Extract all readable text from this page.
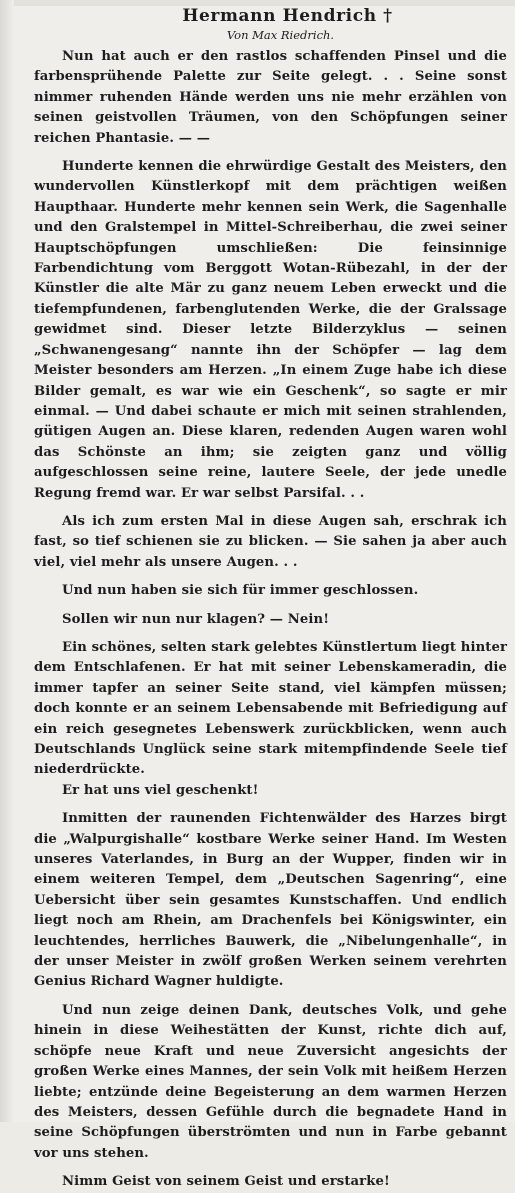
Hermann Hendrich †

Von Max Riedrich.

Nun hat auch er den rastlos schaffenden Pinsel und die farbensprühende Palette zur Seite gelegt. . . Seine sonst nimmer ruhenden Hände werden uns nie mehr erzählen von seinen geistvollen Träumen, von den Schöpfungen seiner reichen Phantasie. — —

Hunderte kennen die ehrwürdige Gestalt des Meisters, den wundervollen Künstlerkopf mit dem prächtigen weißen Haupthaar. Hunderte mehr kennen sein Werk, die Sagenhalle und den Gralstempel in Mittel-Schreiberhau, die zwei seiner Hauptschöpfungen umschließen: Die feinsinnige Farbendichtung vom Berggott Wotan-Rübezahl, in der der Künstler die alte Mär zu ganz neuem Leben erweckt und die tiefempfundenen, farbenglutenden Werke, die der Gralssage gewidmet sind. Dieser letzte Bilderzyklus — seinen „Schwanengesang“ nannte ihn der Schöpfer — lag dem Meister besonders am Herzen. „In einem Zuge habe ich diese Bilder gemalt, es war wie ein Geschenk“, so sagte er mir einmal. — Und dabei schaute er mich mit seinen strahlenden, gütigen Augen an. Diese klaren, redenden Augen waren wohl das Schönste an ihm; sie zeigten ganz und völlig aufgeschlossen seine reine, lautere Seele, der jede unedle Regung fremd war. Er war selbst Parsifal. . .

Als ich zum ersten Mal in diese Augen sah, erschrak ich fast, so tief schienen sie zu blicken. — Sie sahen ja aber auch viel, viel mehr als unsere Augen. . .

Und nun haben sie sich für immer geschlossen.

Sollen wir nun nur klagen? — Nein!

Ein schönes, selten stark gelebtes Künstlertum liegt hinter dem Entschlafenen. Er hat mit seiner Lebenskameradin, die immer tapfer an seiner Seite stand, viel kämpfen müssen; doch konnte er an seinem Lebensabende mit Befriedigung auf ein reich gesegnetes Lebenswerk zurückblicken, wenn auch Deutschlands Unglück seine stark mitempfindende Seele tief niederdrückte.

Er hat uns viel geschenkt!

Inmitten der raunenden Fichtenwälder des Harzes birgt die „Walpurgishalle“ kostbare Werke seiner Hand. Im Westen unseres Vaterlandes, in Burg an der Wupper, finden wir in einem weiteren Tempel, dem „Deutschen Sagenring“, eine Uebersicht über sein gesamtes Kunstschaffen. Und endlich liegt noch am Rhein, am Drachenfels bei Königswinter, ein leuchtendes, herrliches Bauwerk, die „Nibelungenhalle“, in der unser Meister in zwölf großen Werken seinem verehrten Genius Richard Wagner huldigte.

Und nun zeige deinen Dank, deutsches Volk, und gehe hinein in diese Weihestätten der Kunst, richte dich auf, schöpfe neue Kraft und neue Zuversicht angesichts der großen Werke eines Mannes, der sein Volk mit heißem Herzen liebte; entzünde deine Begeisterung an dem warmen Herzen des Meisters, dessen Gefühle durch die begnadete Hand in seine Schöpfungen überströmten und nun in Farbe gebannt vor uns stehen.

Nimm Geist von seinem Geist und erstarke!
